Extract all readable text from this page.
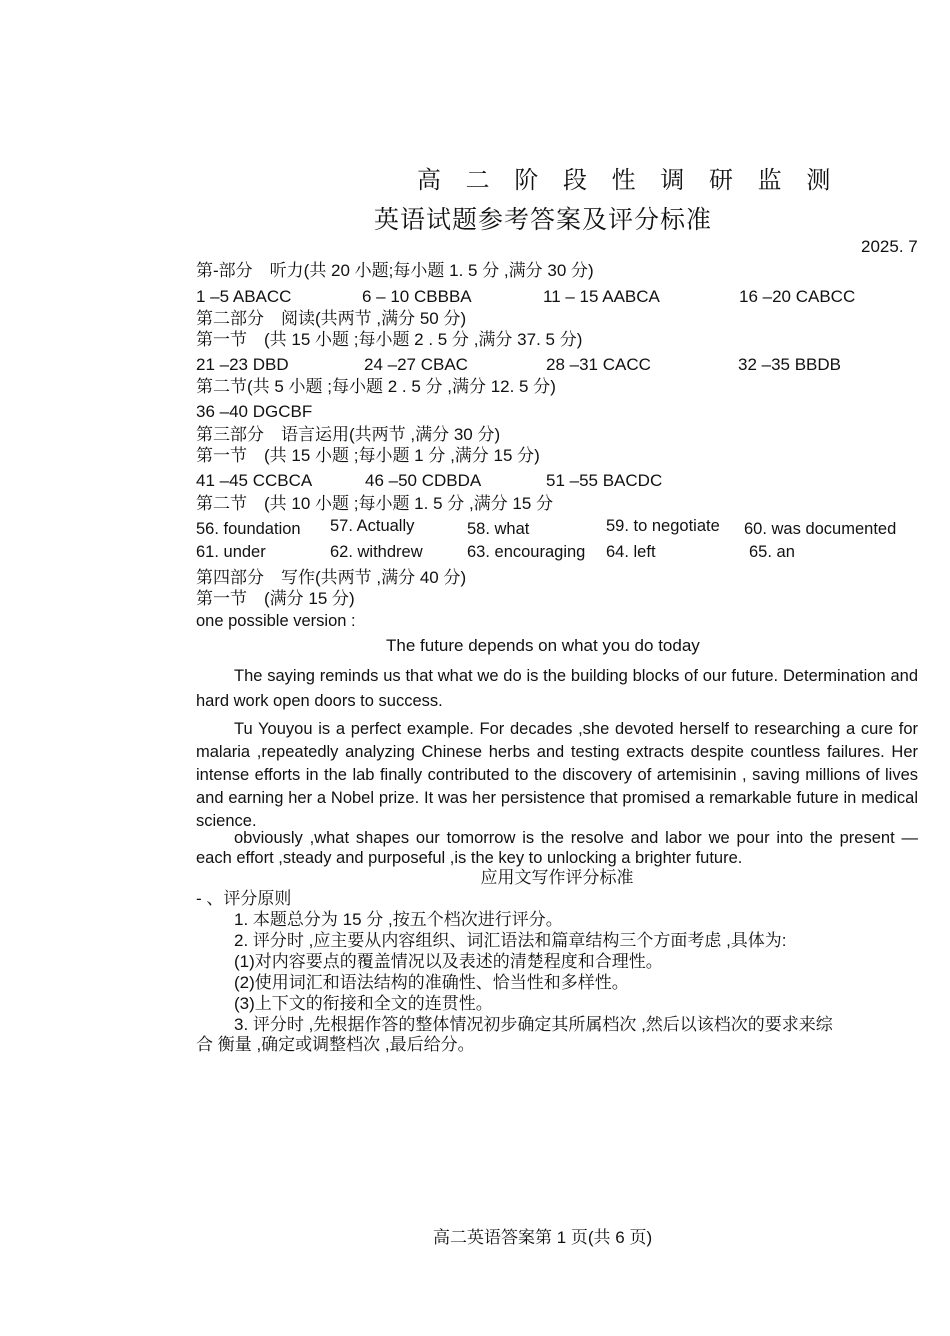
高 二 阶 段 性 调 研 监 测
英语试题参考答案及评分标准
2025. 7
第-部分　听力(共 20 小题;每小题 1. 5 分 ,满分 30 分)
1 –5 ABACC	6 – 10 CBBBA	11 – 15 AABCA	16 –20 CABCC
第二部分　阅读(共两节 ,满分 50 分)
第一节　(共 15 小题 ;每小题 2 . 5 分 ,满分 37. 5 分)
21 –23 DBD	24 –27 CBAC	28 –31 CACC	32 –35 BBDB
第二节(共 5 小题 ;每小题 2 . 5 分 ,满分 12. 5 分)
36 –40 DGCBF
第三部分　语言运用(共两节 ,满分 30 分)
第一节　(共 15 小题 ;每小题 1 分 ,满分 15 分)
41 –45 CCBCA	46 –50 CDBDA	51 –55 BACDC
第二节　(共 10 小题 ;每小题 1. 5 分 ,满分 15 分
56. foundation 57. Actually	58. what	59. to negotiate 60. was documented
61. under	62. withdrew	63. encouraging 64. left	65. an
第四部分　写作(共两节 ,满分 40 分)
第一节　(满分 15 分)
one possible version :
The future depends on what you do today
The saying reminds us that what we do is the building blocks of our future. Determination and hard work open doors to success.
Tu Youyou is a perfect example. For decades ,she devoted herself to researching a cure for malaria ,repeatedly analyzing Chinese herbs and testing extracts despite countless failures. Her intense efforts in the lab finally contributed to the discovery of artemisinin , saving millions of lives and earning her a Nobel prize. It was her persistence that promised a remarkable future in medical science.
obviously ,what shapes our tomorrow is the resolve and labor we pour into the present — each effort ,steady and purposeful ,is the key to unlocking a brighter future.
应用文写作评分标准
- 、评分原则
1. 本题总分为 15 分 ,按五个档次进行评分。
2. 评分时 ,应主要从内容组织、词汇语法和篇章结构三个方面考虑 ,具体为:
(1)对内容要点的覆盖情况以及表述的清楚程度和合理性。
(2)使用词汇和语法结构的准确性、恰当性和多样性。
(3)上下文的衔接和全文的连贯性。
3. 评分时 ,先根据作答的整体情况初步确定其所属档次 ,然后以该档次的要求来综
合 衡量 ,确定或调整档次 ,最后给分。
高二英语答案第 1 页(共 6 页)
